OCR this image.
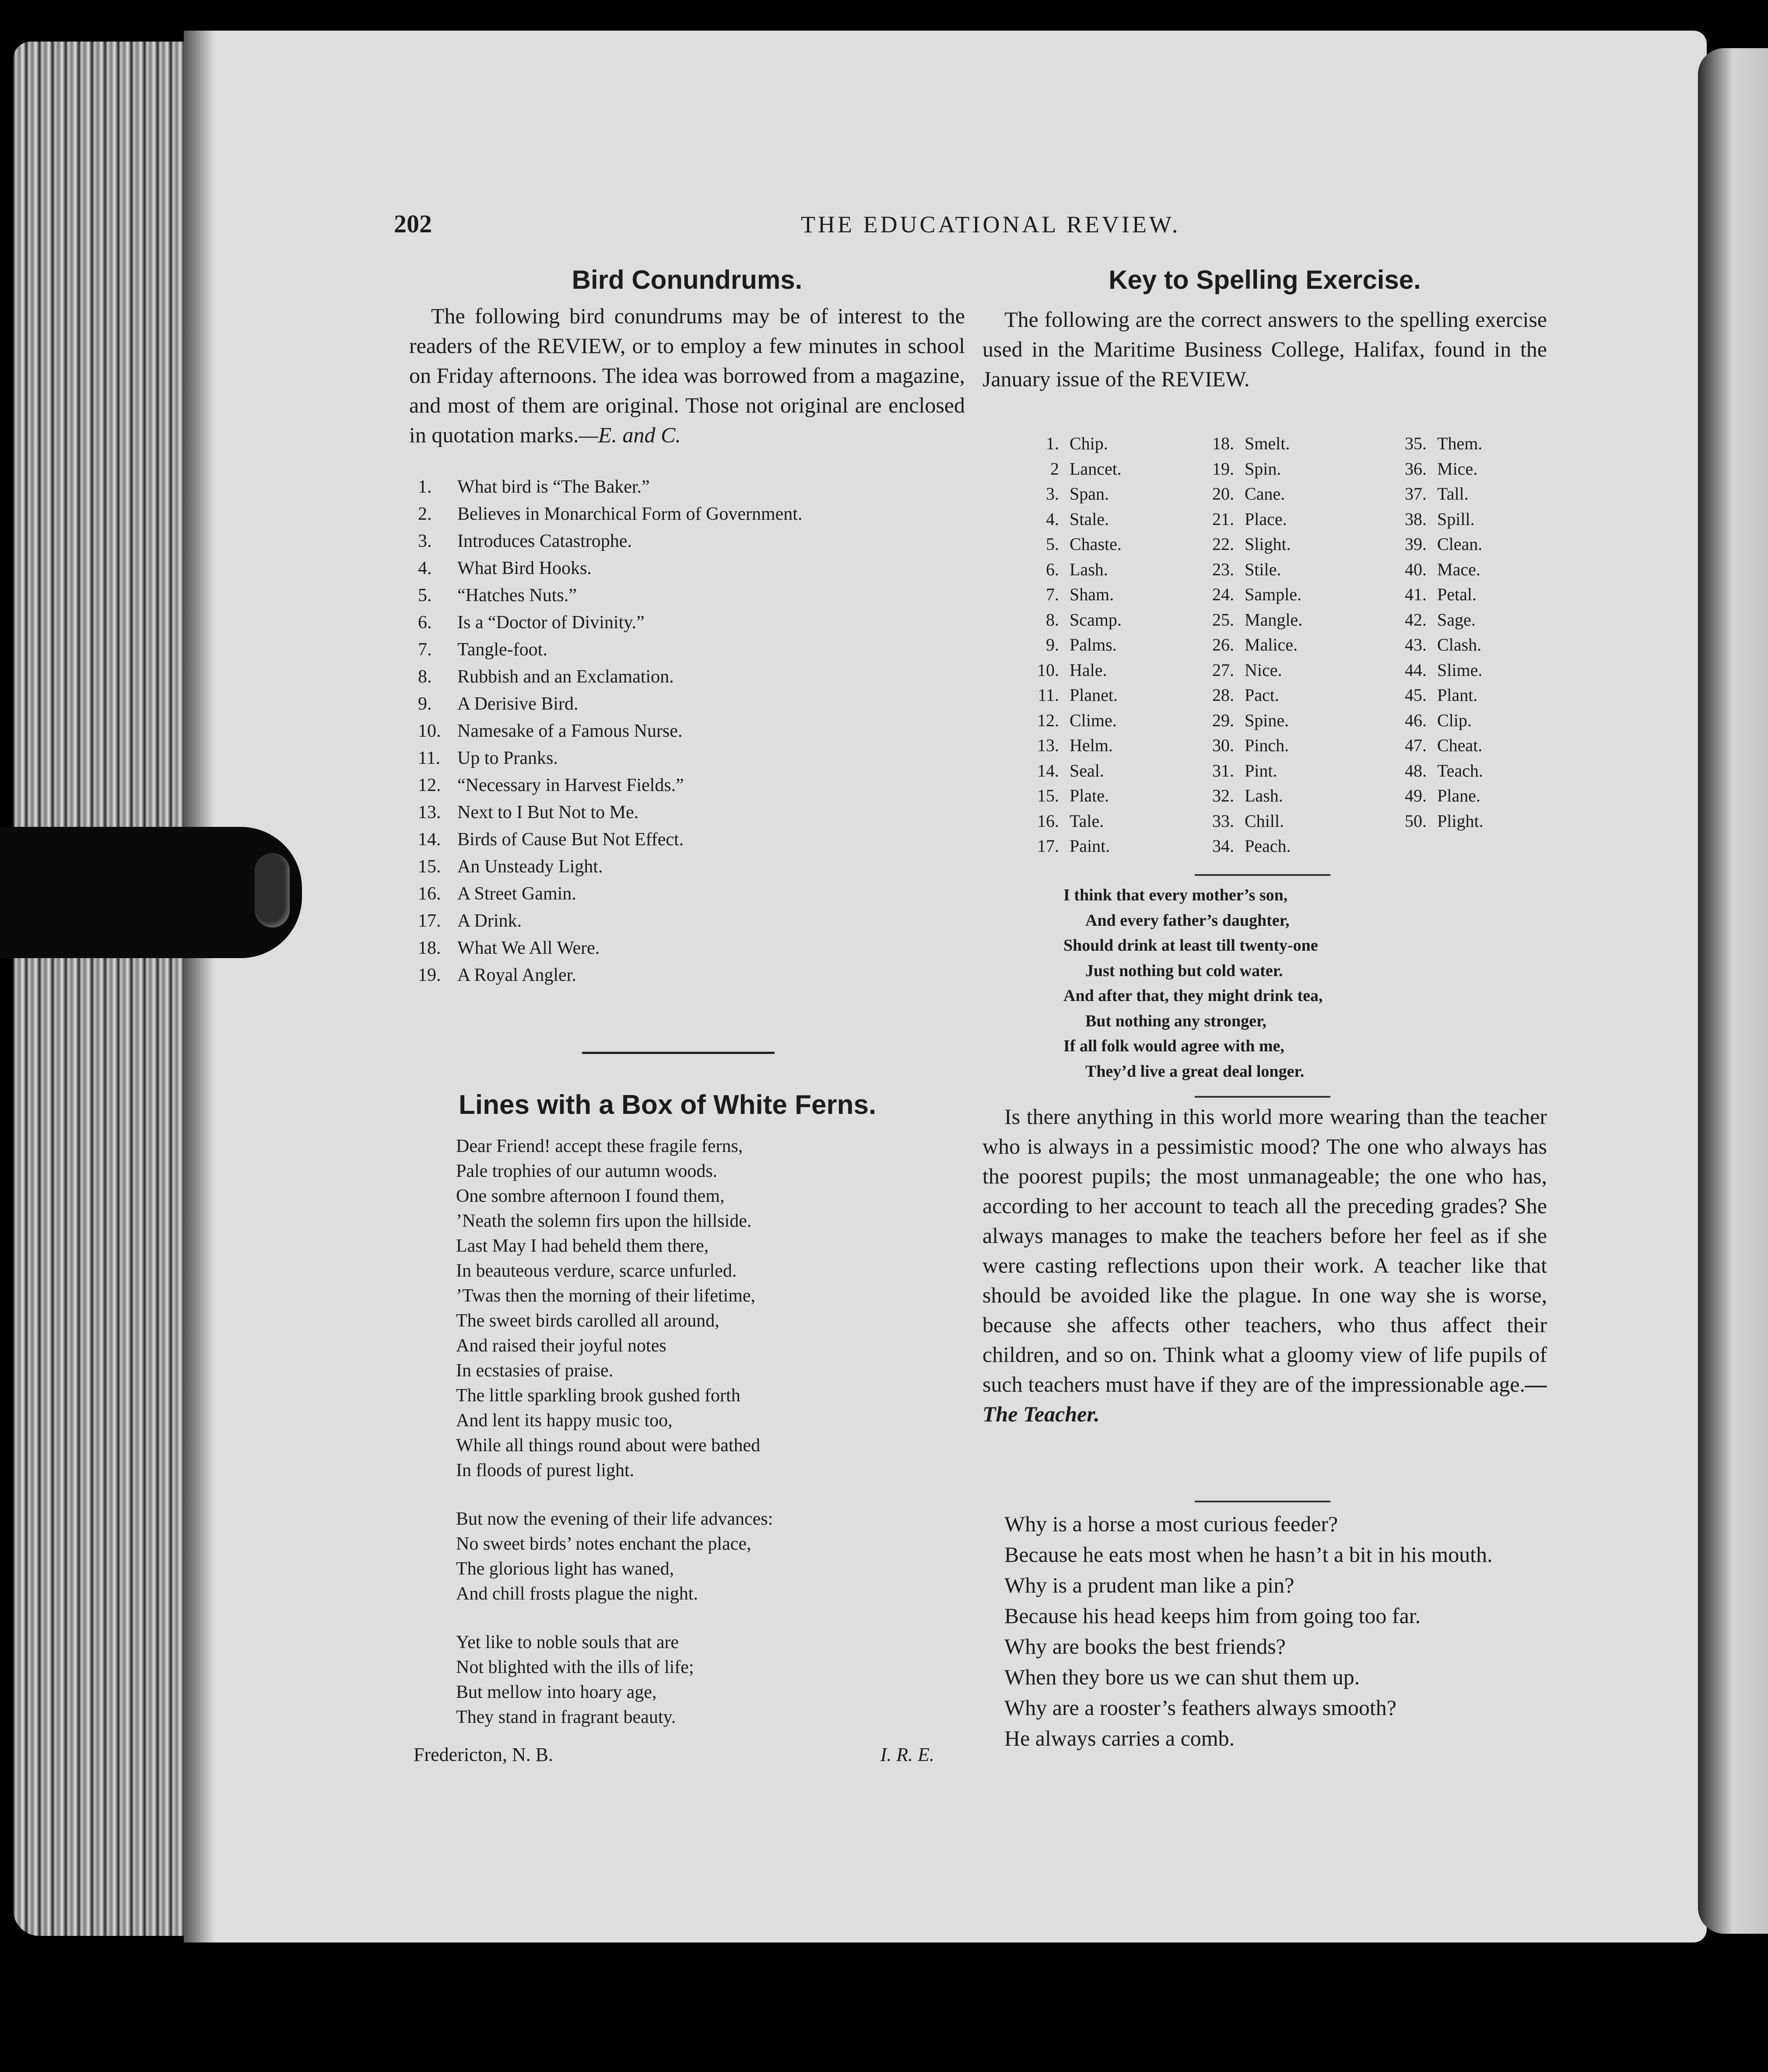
202	THE EDUCATIONAL REVIEW.
Bird Conundrums.

The following bird conundrums may be of interest to the readers of the REVIEW, or to employ a few minutes in school on Friday afternoons. The idea was borrowed from a magazine, and most of them are original. Those not original are enclosed in quotation marks.—E. and C.

1. What bird is “The Baker.”
2. Believes in Monarchical Form of Government.
3. Introduces Catastrophe.
4. What Bird Hooks.
5. “Hatches Nuts.”
6. Is a “Doctor of Divinity.”
7. Tangle-foot.
8. Rubbish and an Exclamation.
9. A Derisive Bird.
10. Namesake of a Famous Nurse.
11. Up to Pranks.
12. “Necessary in Harvest Fields.”
13. Next to I But Not to Me.
14. Birds of Cause But Not Effect.
15. An Unsteady Light.
16. A Street Gamin.
17. A Drink.
18. What We All Were.
19. A Royal Angler.
Lines with a Box of White Ferns.
Dear Friend! accept these fragile ferns,
Pale trophies of our autumn woods.
One sombre afternoon I found them,
’Neath the solemn firs upon the hillside.
Last May I had beheld them there,
In beauteous verdure, scarce unfurled.
’Twas then the morning of their lifetime,
The sweet birds carolled all around,
And raised their joyful notes
In ecstasies of praise.
The little sparkling brook gushed forth
And lent its happy music too,
While all things round about were bathed
In floods of purest light.
But now the evening of their life advances:
No sweet birds’ notes enchant the place,
The glorious light has waned,
And chill frosts plague the night.
Yet like to noble souls that are
Not blighted with the ills of life;
But mellow into hoary age,
They stand in fragrant beauty.
Fredericton, N. B.	I. R. E.
Key to Spelling Exercise.

The following are the correct answers to the spelling exercise used in the Maritime Business College, Halifax, found in the January issue of the REVIEW.

1. Chip.
2 Lancet.
3. Span.
4. Stale.
5. Chaste.
6. Lash.
7. Sham.
8. Scamp.
9. Palms.
10. Hale.
11. Planet.
12. Clime.
13. Helm.
14. Seal.
15. Plate.
16. Tale.
17. Paint.
18. Smelt.
19. Spin.
20. Cane.
21. Place.
22. Slight.
23. Stile.
24. Sample.
25. Mangle.
26. Malice.
27. Nice.
28. Pact.
29. Spine.
30. Pinch.
31. Pint.
32. Lash.
33. Chill.
34. Peach.
35. Them.
36. Mice.
37. Tall.
38. Spill.
39. Clean.
40. Mace.
41. Petal.
42. Sage.
43. Clash.
44. Slime.
45. Plant.
46. Clip.
47. Cheat.
48. Teach.
49. Plane.
50. Plight.
I think that every mother’s son,
And every father’s daughter,
Should drink at least till twenty-one
Just nothing but cold water.
And after that, they might drink tea,
But nothing any stronger,
If all folk would agree with me,
They’d live a great deal longer.

Is there anything in this world more wearing than the teacher who is always in a pessimistic mood? The one who always has the poorest pupils; the most unmanageable; the one who has, according to her account to teach all the preceding grades? She always manages to make the teachers before her feel as if she were casting reflections upon their work. A teacher like that should be avoided like the plague. In one way she is worse, because she affects other teachers, who thus affect their children, and so on. Think what a gloomy view of life pupils of such teachers must have if they are of the impressionable age.—The Teacher.

Why is a horse a most curious feeder?

Because he eats most when he hasn’t a bit in his mouth.

Why is a prudent man like a pin?

Because his head keeps him from going too far.

Why are books the best friends?

When they bore us we can shut them up.

Why are a rooster’s feathers always smooth?

He always carries a comb.
